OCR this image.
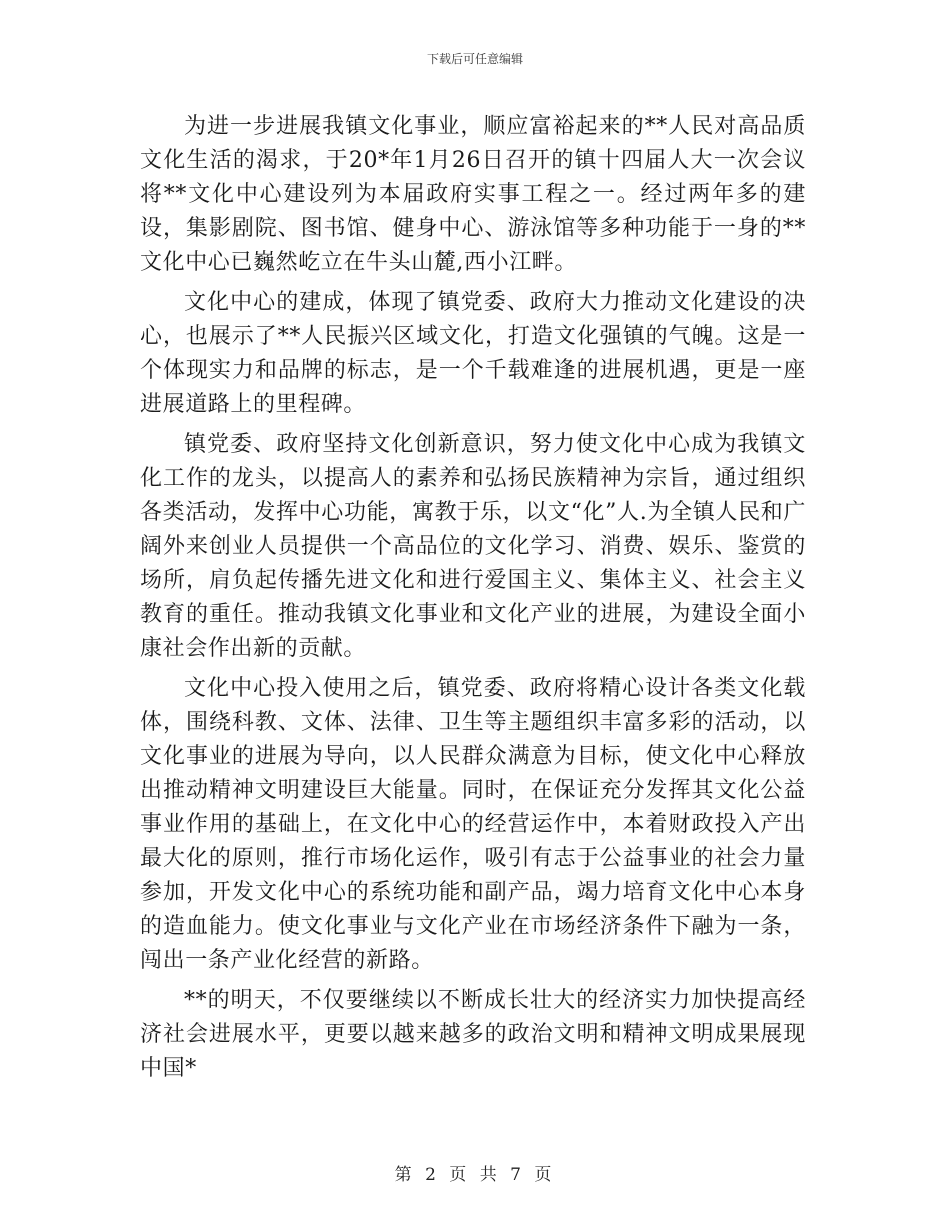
下载后可任意编辑

为进一步进展我镇文化事业，顺应富裕起来的**人民对高品质文化生活的渴求，于20*年1月26日召开的镇十四届人大一次会议将**文化中心建设列为本届政府实事工程之一。经过两年多的建设，集影剧院、图书馆、健身中心、游泳馆等多种功能于一身的**文化中心已巍然屹立在牛头山麓,西小江畔。

文化中心的建成，体现了镇党委、政府大力推动文化建设的决心，也展示了**人民振兴区域文化，打造文化强镇的气魄。这是一个体现实力和品牌的标志，是一个千载难逢的进展机遇，更是一座进展道路上的里程碑。

镇党委、政府坚持文化创新意识，努力使文化中心成为我镇文化工作的龙头，以提高人的素养和弘扬民族精神为宗旨，通过组织各类活动，发挥中心功能，寓教于乐，以文“化”人.为全镇人民和广阔外来创业人员提供一个高品位的文化学习、消费、娱乐、鉴赏的场所，肩负起传播先进文化和进行爱国主义、集体主义、社会主义教育的重任。推动我镇文化事业和文化产业的进展，为建设全面小康社会作出新的贡献。

文化中心投入使用之后，镇党委、政府将精心设计各类文化载体，围绕科教、文体、法律、卫生等主题组织丰富多彩的活动，以文化事业的进展为导向，以人民群众满意为目标，使文化中心释放出推动精神文明建设巨大能量。同时，在保证充分发挥其文化公益事业作用的基础上，在文化中心的经营运作中，本着财政投入产出最大化的原则，推行市场化运作，吸引有志于公益事业的社会力量参加，开发文化中心的系统功能和副产品，竭力培育文化中心本身的造血能力。使文化事业与文化产业在市场经济条件下融为一条，闯出一条产业化经营的新路。

**的明天，不仅要继续以不断成长壮大的经济实力加快提高经济社会进展水平，更要以越来越多的政治文明和精神文明成果展现中国*

第 2 页 共 7 页
